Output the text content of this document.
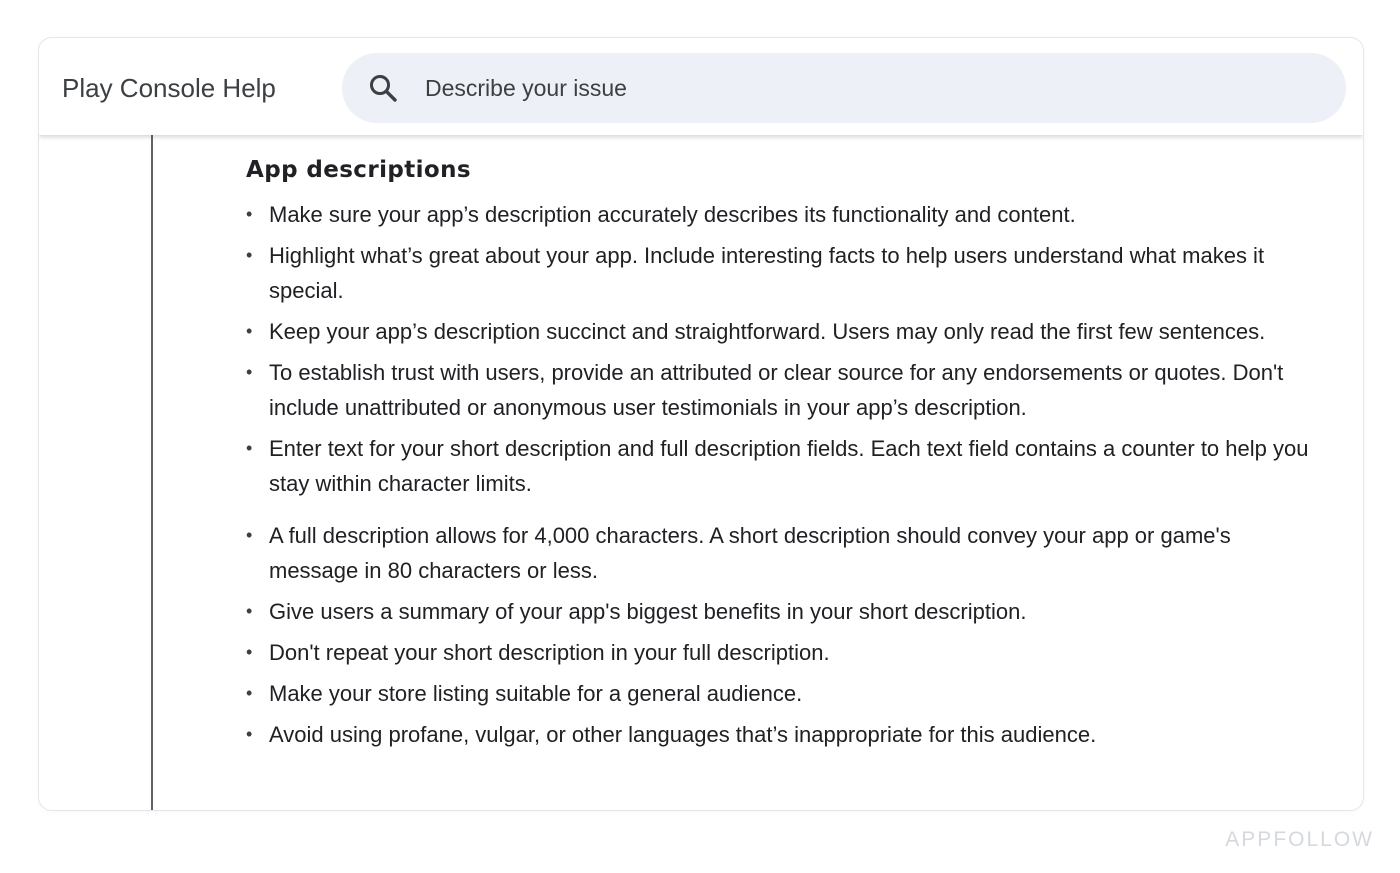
Play Console Help	Describe your issue
App descriptions
• Make sure your app’s description accurately describes its functionality and content.
• Highlight what’s great about your app. Include interesting facts to help users understand what makes it special.
• Keep your app’s description succinct and straightforward. Users may only read the first few sentences.
• To establish trust with users, provide an attributed or clear source for any endorsements or quotes. Don't include unattributed or anonymous user testimonials in your app’s description.
• Enter text for your short description and full description fields. Each text field contains a counter to help you stay within character limits.
• A full description allows for 4,000 characters. A short description should convey your app or game's message in 80 characters or less.
• Give users a summary of your app's biggest benefits in your short description.
• Don't repeat your short description in your full description.
• Make your store listing suitable for a general audience.
• Avoid using profane, vulgar, or other languages that’s inappropriate for this audience.
APPFOLLOW
